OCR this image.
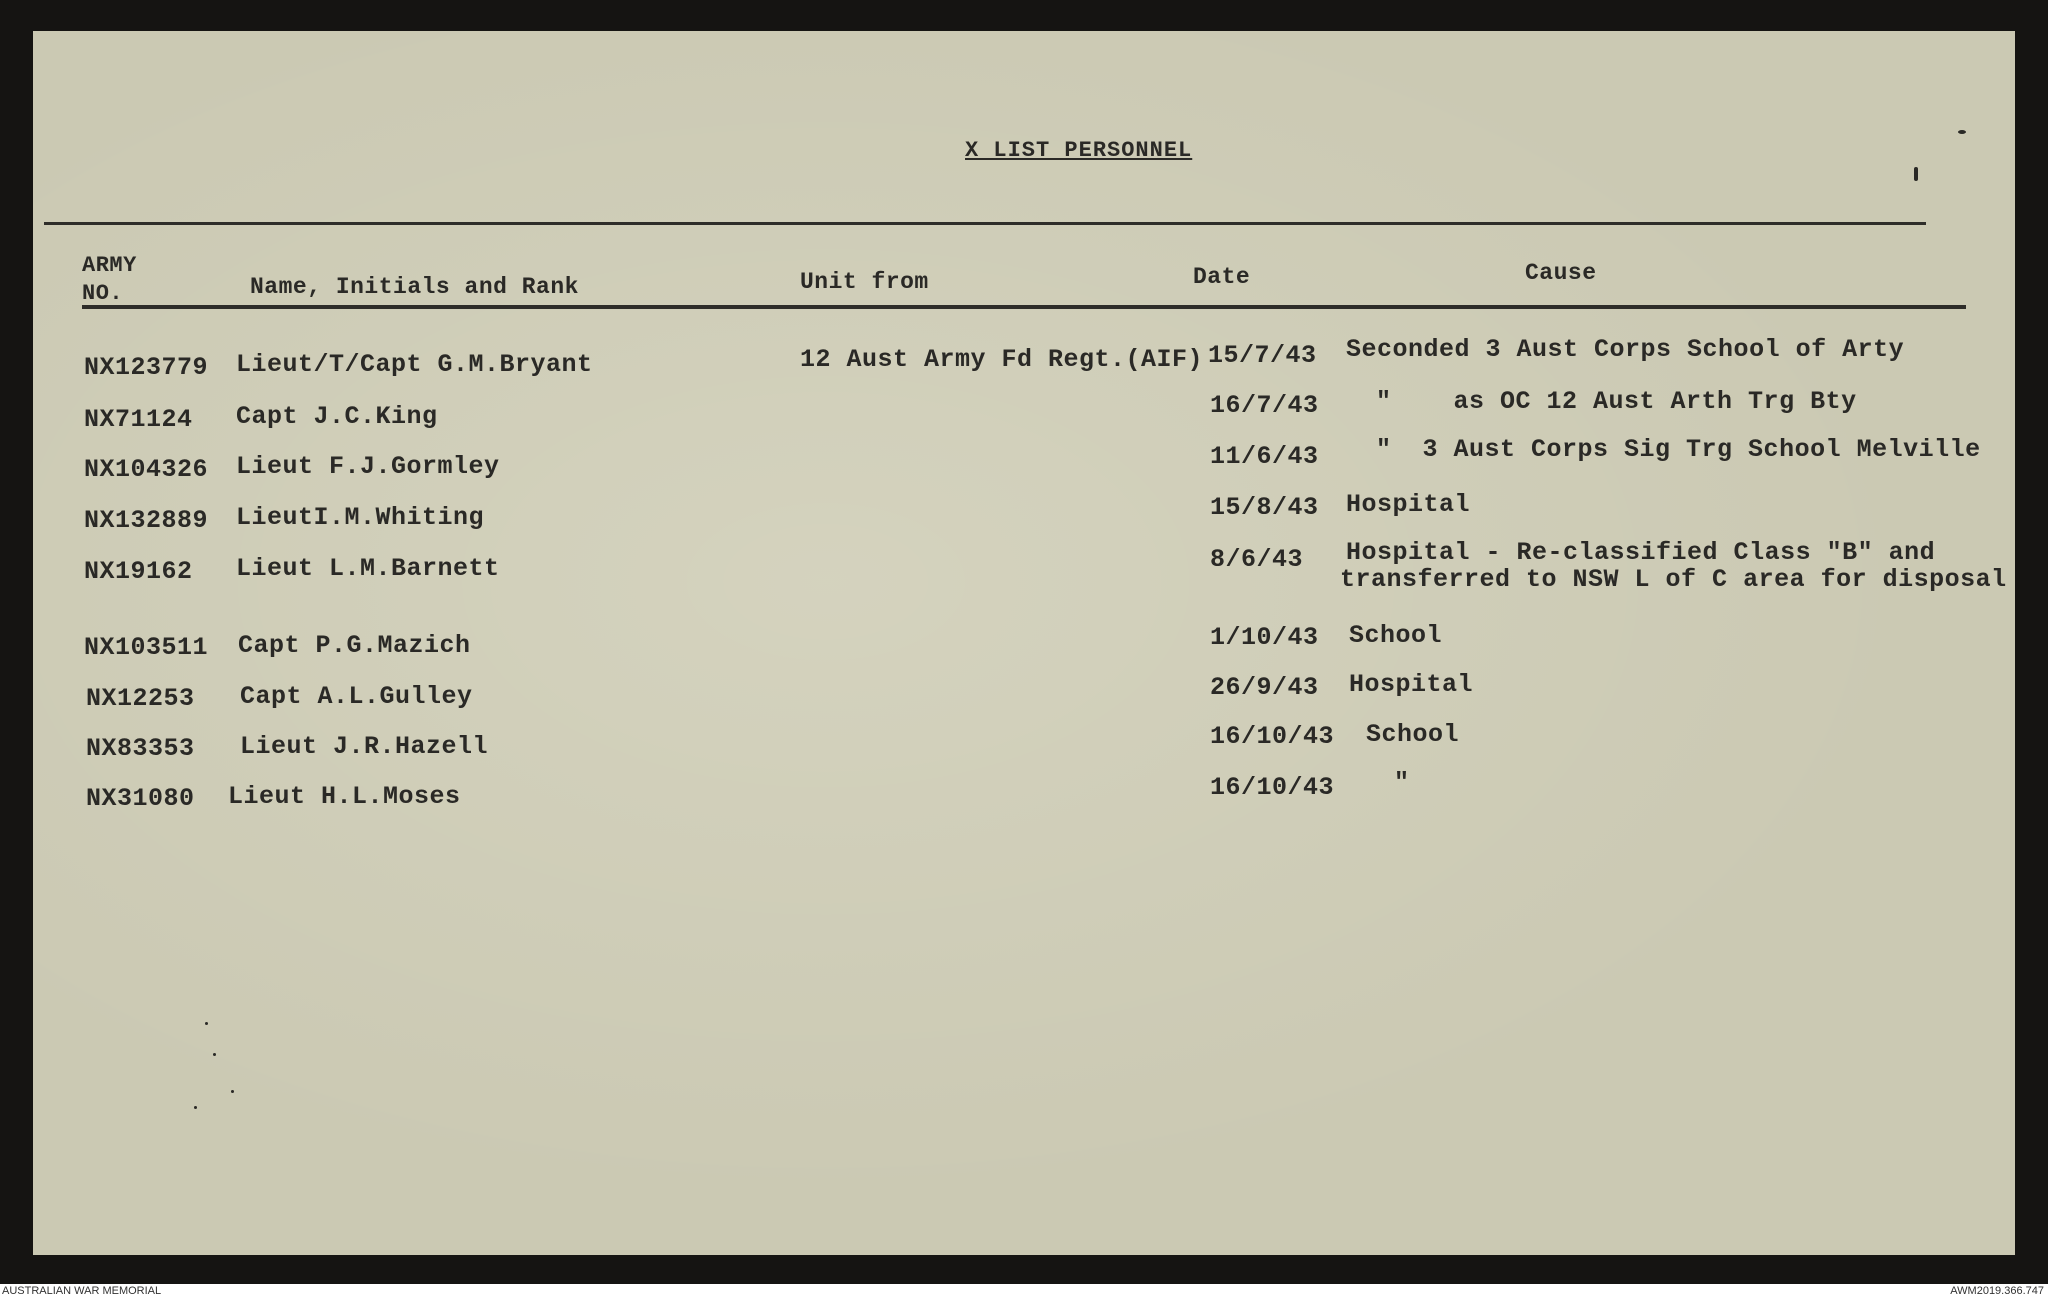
X LIST PERSONNEL
ARMY
NO.	Name, Initials and Rank	Unit from	Date	Cause
NX123779 Lieut/T/Capt G.M.Bryant	12 Aust Army Fd Regt.(AIF) 15/7/43 Seconded 3 Aust Corps School of Arty
NX71124 Capt J.C.King	16/7/43 "    as OC 12 Aust Arth Trg Bty
NX104326 Lieut F.J.Gormley	11/6/43 "  3 Aust Corps Sig Trg School Melville
NX132889 LieutI.M.Whiting	15/8/43 Hospital
NX19162 Lieut L.M.Barnett	8/6/43 Hospital - Re-classified Class "B" and
transferred to NSW L of C area for disposal
NX103511 Capt P.G.Mazich	1/10/43 School
NX12253 Capt A.L.Gulley	26/9/43 Hospital
NX83353 Lieut J.R.Hazell	16/10/43 School
NX31080 Lieut H.L.Moses	16/10/43 "
AUSTRALIAN WAR MEMORIAL	AWM2019.366.747
